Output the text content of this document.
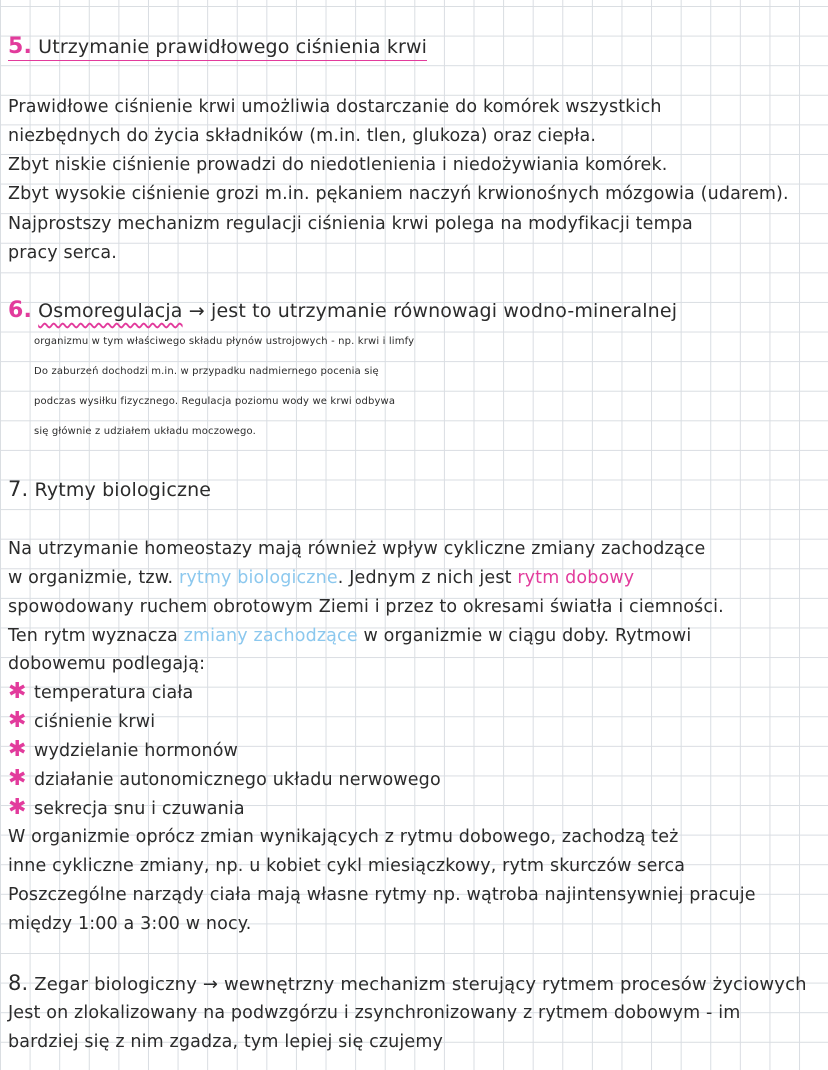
5. Utrzymanie prawidłowego ciśnienia krwi
Prawidłowe ciśnienie krwi umożliwia dostarczanie do komórek wszystkich
niezbędnych do życia składników (m.in. tlen, glukoza) oraz ciepła.
Zbyt niskie ciśnienie prowadzi do niedotlenienia i niedożywiania komórek.
Zbyt wysokie ciśnienie grozi m.in. pękaniem naczyń krwionośnych mózgowia (udarem).
Najprostszy mechanizm regulacji ciśnienia krwi polega na modyfikacji tempa
pracy serca.
6. Osmoregulacja → jest to utrzymanie równowagi wodno-mineralnej
organizmu w tym właściwego składu płynów ustrojowych - np. krwi i limfy
Do zaburzeń dochodzi m.in. w przypadku nadmiernego pocenia się
podczas wysiłku fizycznego. Regulacja poziomu wody we krwi odbywa
się głównie z udziałem układu moczowego.
7. Rytmy biologiczne
Na utrzymanie homeostazy mają również wpływ cykliczne zmiany zachodzące
w organizmie, tzw. rytmy biologiczne. Jednym z nich jest rytm dobowy
spowodowany ruchem obrotowym Ziemi i przez to okresami światła i ciemności.
Ten rytm wyznacza zmiany zachodzące w organizmie w ciągu doby. Rytmowi
dobowemu podlegają:
✱ temperatura ciała
✱ ciśnienie krwi
✱ wydzielanie hormonów
✱ działanie autonomicznego układu nerwowego
✱ sekrecja snu i czuwania
W organizmie oprócz zmian wynikających z rytmu dobowego, zachodzą też
inne cykliczne zmiany, np. u kobiet cykl miesiączkowy, rytm skurczów serca
Poszczególne narządy ciała mają własne rytmy np. wątroba najintensywniej pracuje
między 1:00 a 3:00 w nocy.
8. Zegar biologiczny → wewnętrzny mechanizm sterujący rytmem procesów życiowych
Jest on zlokalizowany na podwzgórzu i zsynchronizowany z rytmem dobowym - im
bardziej się z nim zgadza, tym lepiej się czujemy
